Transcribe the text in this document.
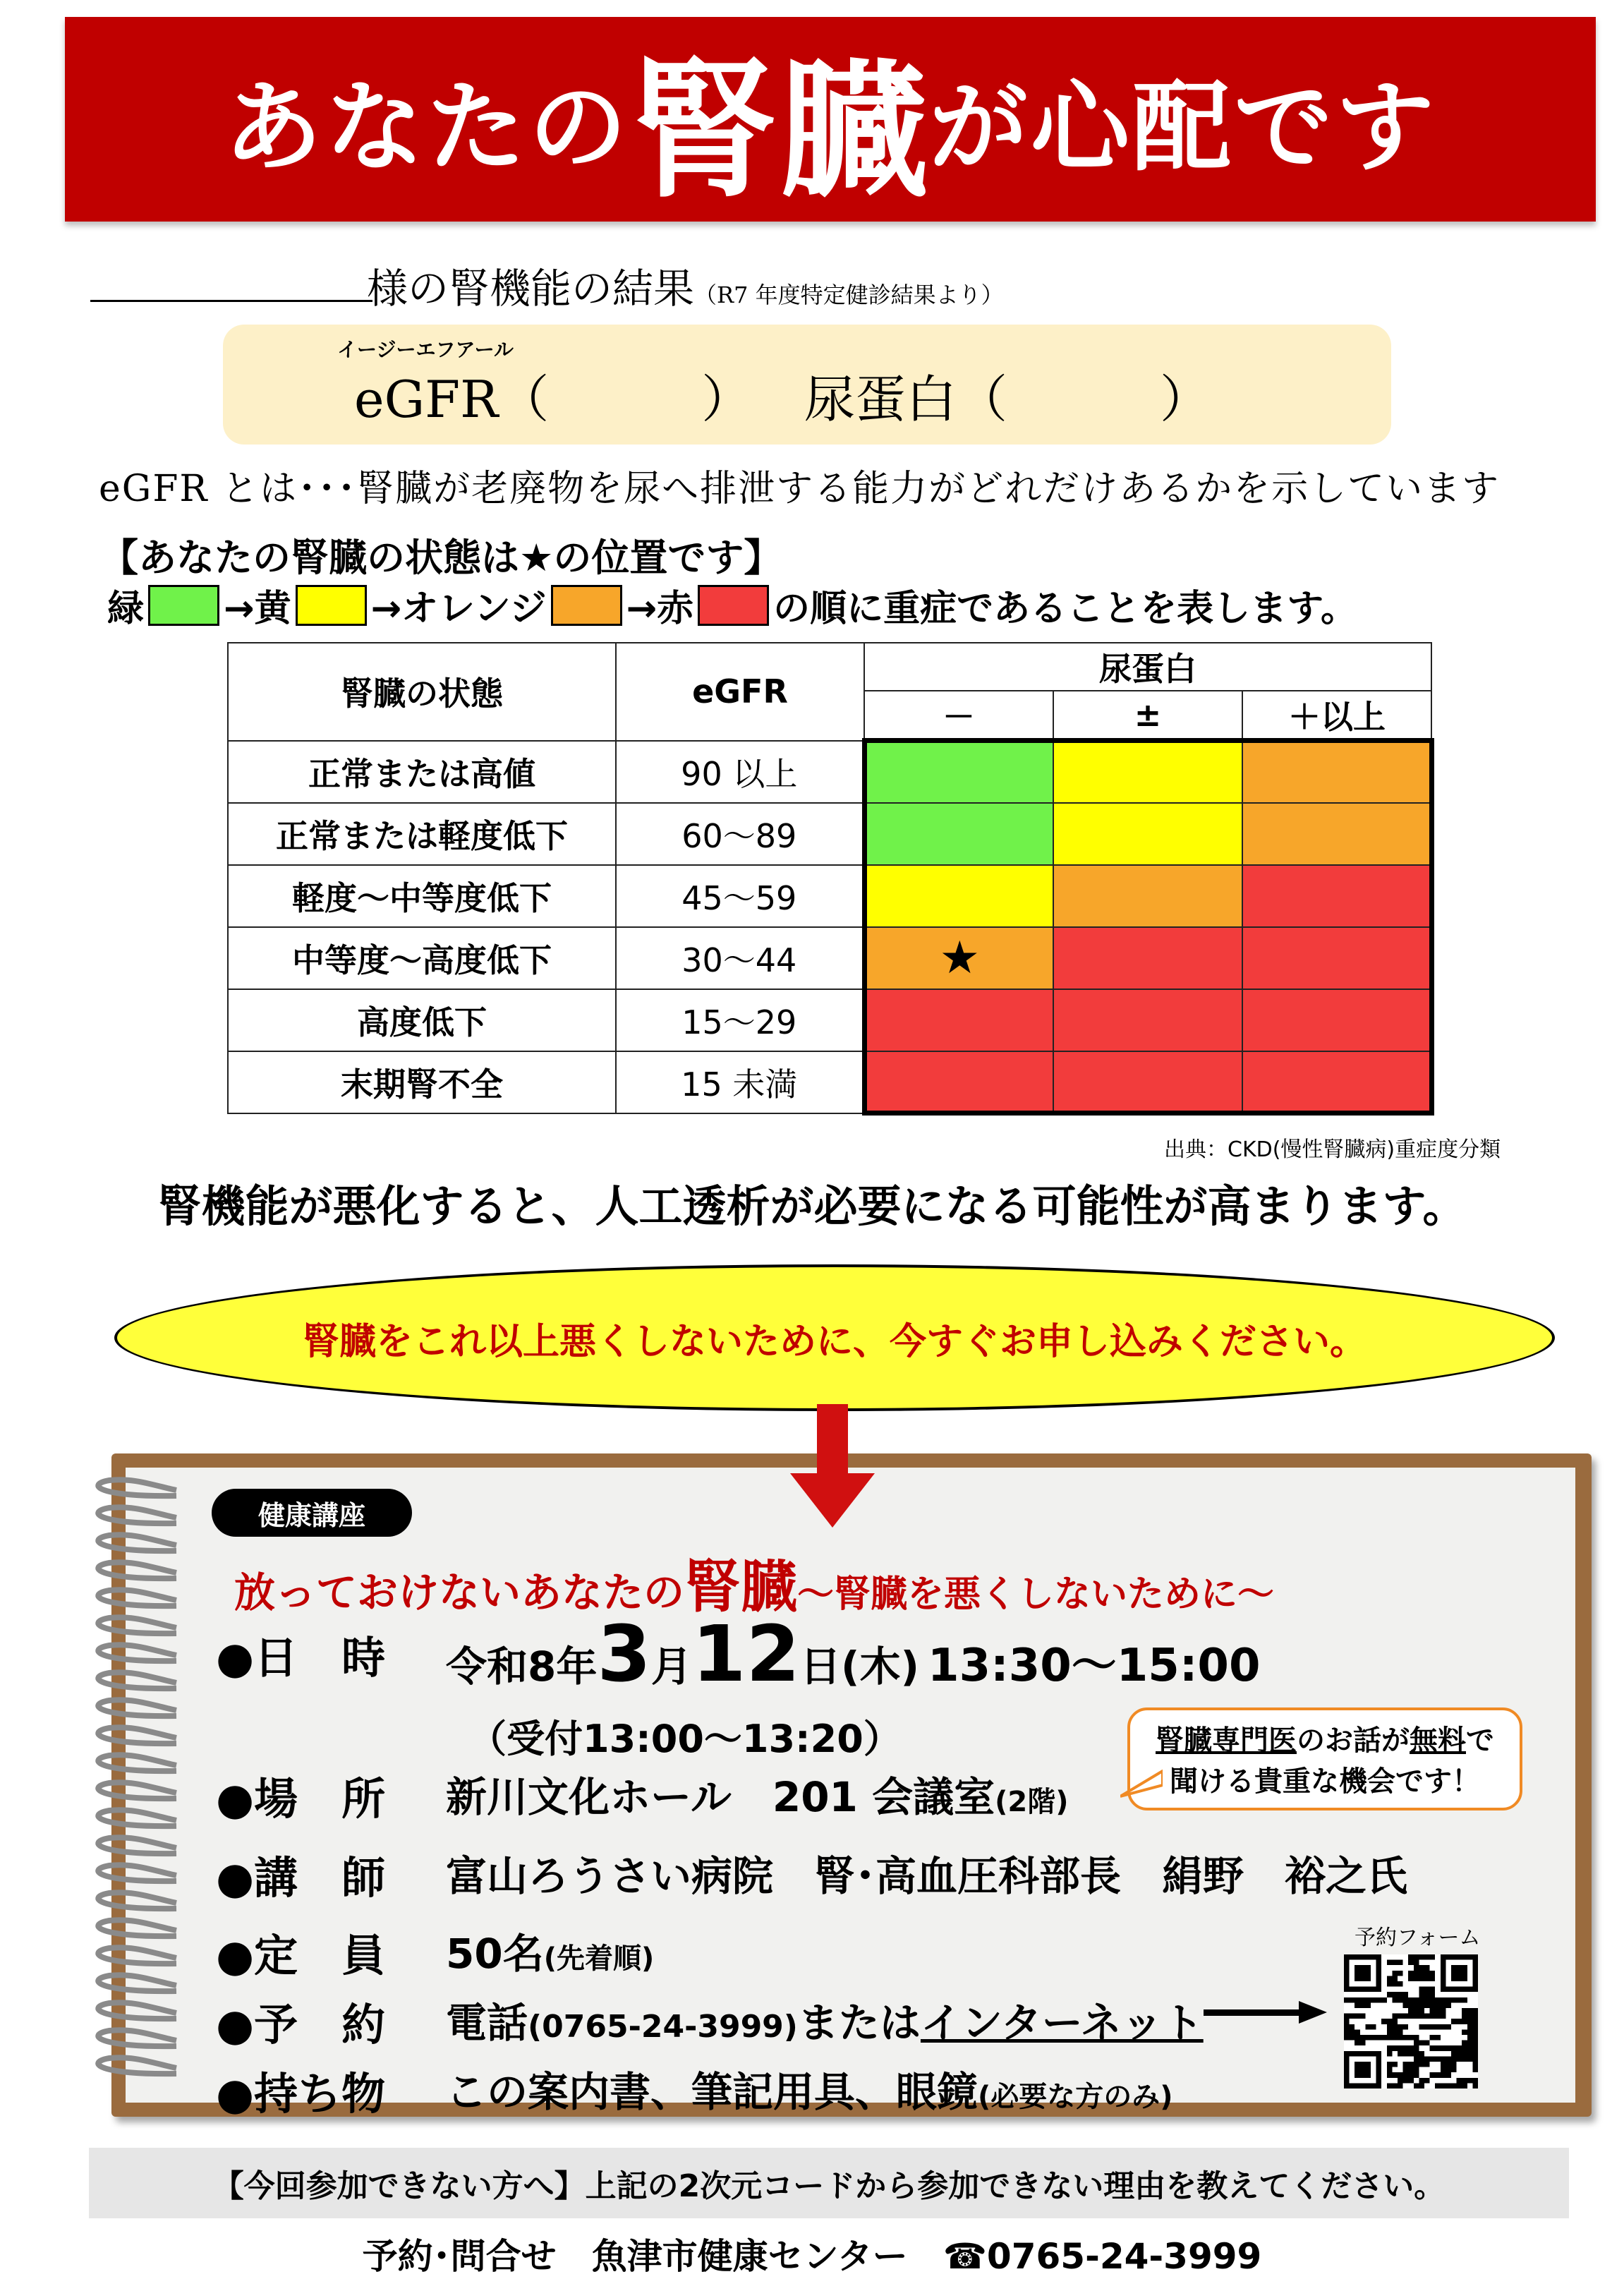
あなたの 腎臓 が心配です
様の腎機能の結果（R7 年度特定健診結果より）
イージーエフアール
eGFR（　　　） 尿蛋白（　　　）
eGFR とは･･･腎臓が老廃物を尿へ排泄する能力がどれだけあるかを示しています
【あなたの腎臓の状態は★の位置です】
緑 →黄 →オレンジ →赤 の順に重症であることを表します。
腎臓の状態	eGFR	尿蛋白		
		－	±	＋以上
正常または高値	90 以上			
正常または軽度低下	60～89			
軽度～中等度低下	45～59			
中等度～高度低下	30～44	★		
高度低下	15～29			
末期腎不全	15 未満			
出典：CKD(慢性腎臓病)重症度分類
腎機能が悪化すると、人工透析が必要になる可能性が高まります。
腎臓をこれ以上悪くしないために、今すぐお申し込みください。
健康講座
放っておけないあなたの腎臓～腎臓を悪くしないために～
●日　時 令和8年3月12日(木) 13:30～15:00
（受付13:00～13:20）	腎臓専門医のお話が無料で
聞ける貴重な機会です！
●場　所 新川文化ホール　201 会議室(2階)
●講　師 富山ろうさい病院　腎･高血圧科部長　絹野　裕之氏
●定　員 50名(先着順)
●予　約 電話(0765-24-3999)またはインターネット
●持ち物 この案内書、筆記用具、眼鏡(必要な方のみ)
予約フォーム
【今回参加できない方へ】上記の2次元コードから参加できない理由を教えてください。
予約･問合せ　魚津市健康センター　☎0765-24-3999
